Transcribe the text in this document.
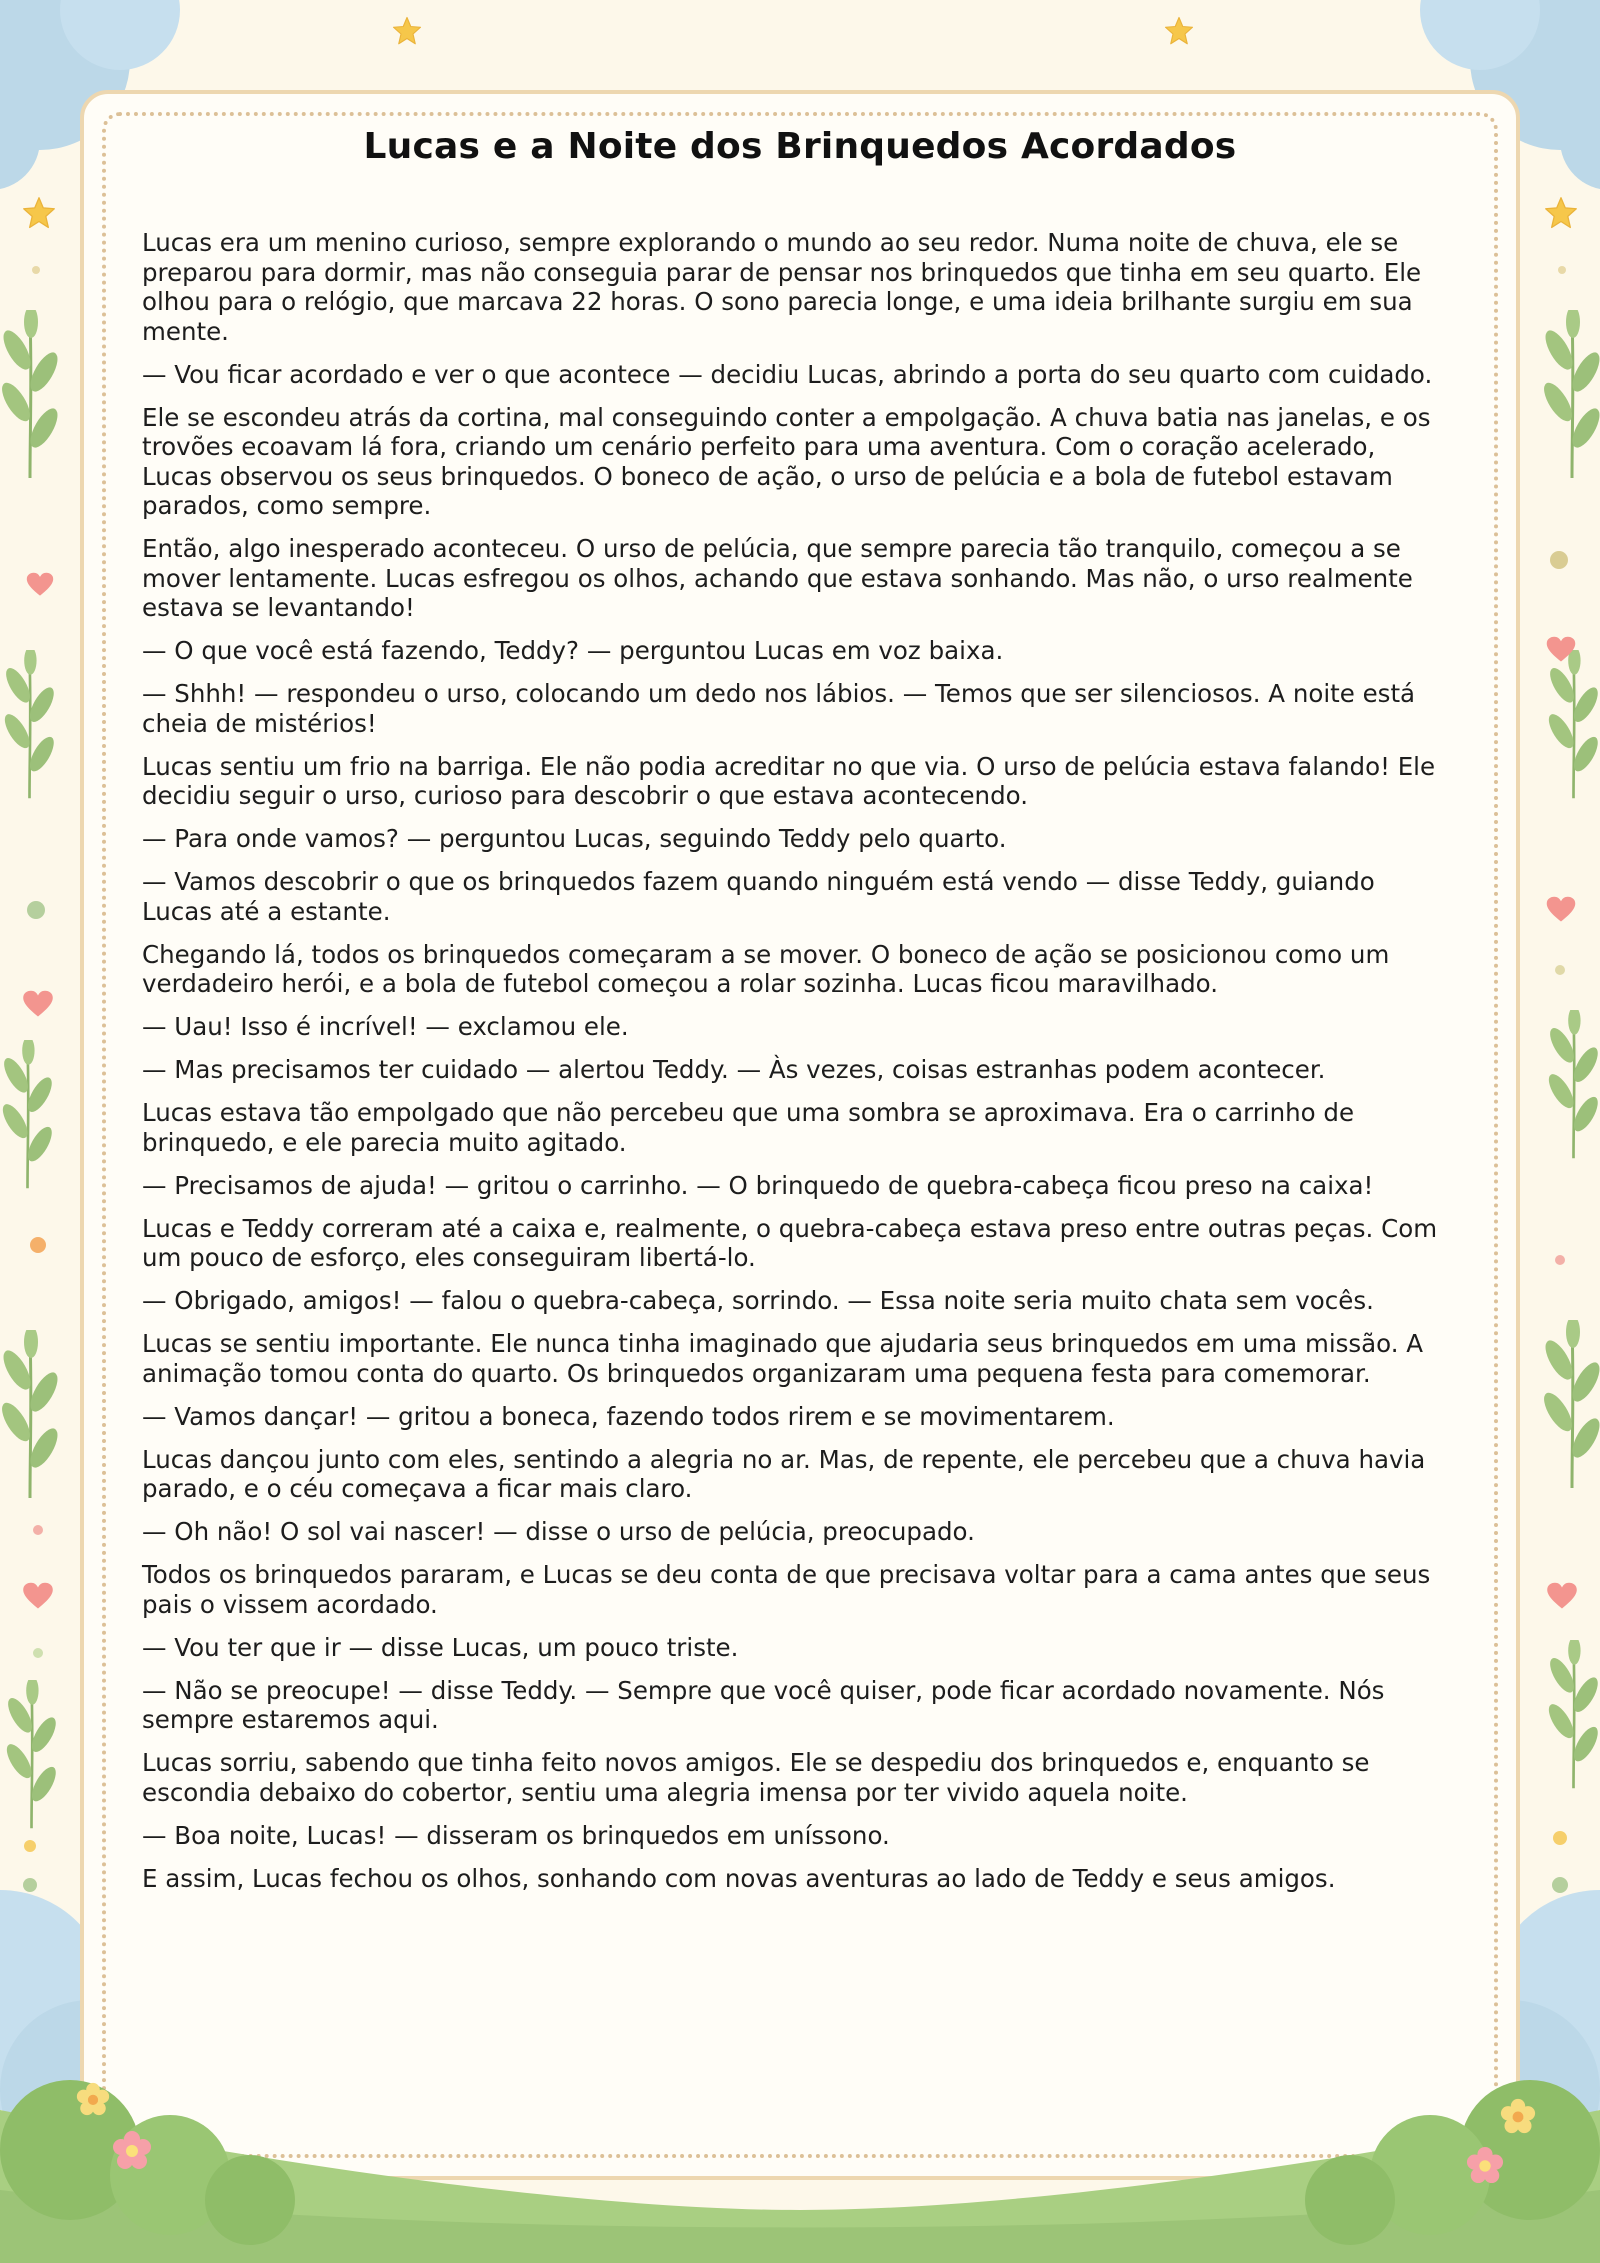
Lucas e a Noite dos Brinquedos Acordados

Lucas era um menino curioso, sempre explorando o mundo ao seu redor. Numa noite de chuva, ele se preparou para dormir, mas não conseguia parar de pensar nos brinquedos que tinha em seu quarto. Ele olhou para o relógio, que marcava 22 horas. O sono parecia longe, e uma ideia brilhante surgiu em sua mente.

— Vou ficar acordado e ver o que acontece — decidiu Lucas, abrindo a porta do seu quarto com cuidado.

Ele se escondeu atrás da cortina, mal conseguindo conter a empolgação. A chuva batia nas janelas, e os trovões ecoavam lá fora, criando um cenário perfeito para uma aventura. Com o coração acelerado, Lucas observou os seus brinquedos. O boneco de ação, o urso de pelúcia e a bola de futebol estavam parados, como sempre.

Então, algo inesperado aconteceu. O urso de pelúcia, que sempre parecia tão tranquilo, começou a se mover lentamente. Lucas esfregou os olhos, achando que estava sonhando. Mas não, o urso realmente estava se levantando!

— O que você está fazendo, Teddy? — perguntou Lucas em voz baixa.

— Shhh! — respondeu o urso, colocando um dedo nos lábios. — Temos que ser silenciosos. A noite está cheia de mistérios!

Lucas sentiu um frio na barriga. Ele não podia acreditar no que via. O urso de pelúcia estava falando! Ele decidiu seguir o urso, curioso para descobrir o que estava acontecendo.

— Para onde vamos? — perguntou Lucas, seguindo Teddy pelo quarto.

— Vamos descobrir o que os brinquedos fazem quando ninguém está vendo — disse Teddy, guiando Lucas até a estante.

Chegando lá, todos os brinquedos começaram a se mover. O boneco de ação se posicionou como um verdadeiro herói, e a bola de futebol começou a rolar sozinha. Lucas ficou maravilhado.

— Uau! Isso é incrível! — exclamou ele.

— Mas precisamos ter cuidado — alertou Teddy. — Às vezes, coisas estranhas podem acontecer.

Lucas estava tão empolgado que não percebeu que uma sombra se aproximava. Era o carrinho de brinquedo, e ele parecia muito agitado.

— Precisamos de ajuda! — gritou o carrinho. — O brinquedo de quebra-cabeça ficou preso na caixa!

Lucas e Teddy correram até a caixa e, realmente, o quebra-cabeça estava preso entre outras peças. Com um pouco de esforço, eles conseguiram libertá-lo.

— Obrigado, amigos! — falou o quebra-cabeça, sorrindo. — Essa noite seria muito chata sem vocês.

Lucas se sentiu importante. Ele nunca tinha imaginado que ajudaria seus brinquedos em uma missão. A animação tomou conta do quarto. Os brinquedos organizaram uma pequena festa para comemorar.

— Vamos dançar! — gritou a boneca, fazendo todos rirem e se movimentarem.

Lucas dançou junto com eles, sentindo a alegria no ar. Mas, de repente, ele percebeu que a chuva havia parado, e o céu começava a ficar mais claro.

— Oh não! O sol vai nascer! — disse o urso de pelúcia, preocupado.

Todos os brinquedos pararam, e Lucas se deu conta de que precisava voltar para a cama antes que seus pais o vissem acordado.

— Vou ter que ir — disse Lucas, um pouco triste.

— Não se preocupe! — disse Teddy. — Sempre que você quiser, pode ficar acordado novamente. Nós sempre estaremos aqui.

Lucas sorriu, sabendo que tinha feito novos amigos. Ele se despediu dos brinquedos e, enquanto se escondia debaixo do cobertor, sentiu uma alegria imensa por ter vivido aquela noite.

— Boa noite, Lucas! — disseram os brinquedos em uníssono.

E assim, Lucas fechou os olhos, sonhando com novas aventuras ao lado de Teddy e seus amigos.
